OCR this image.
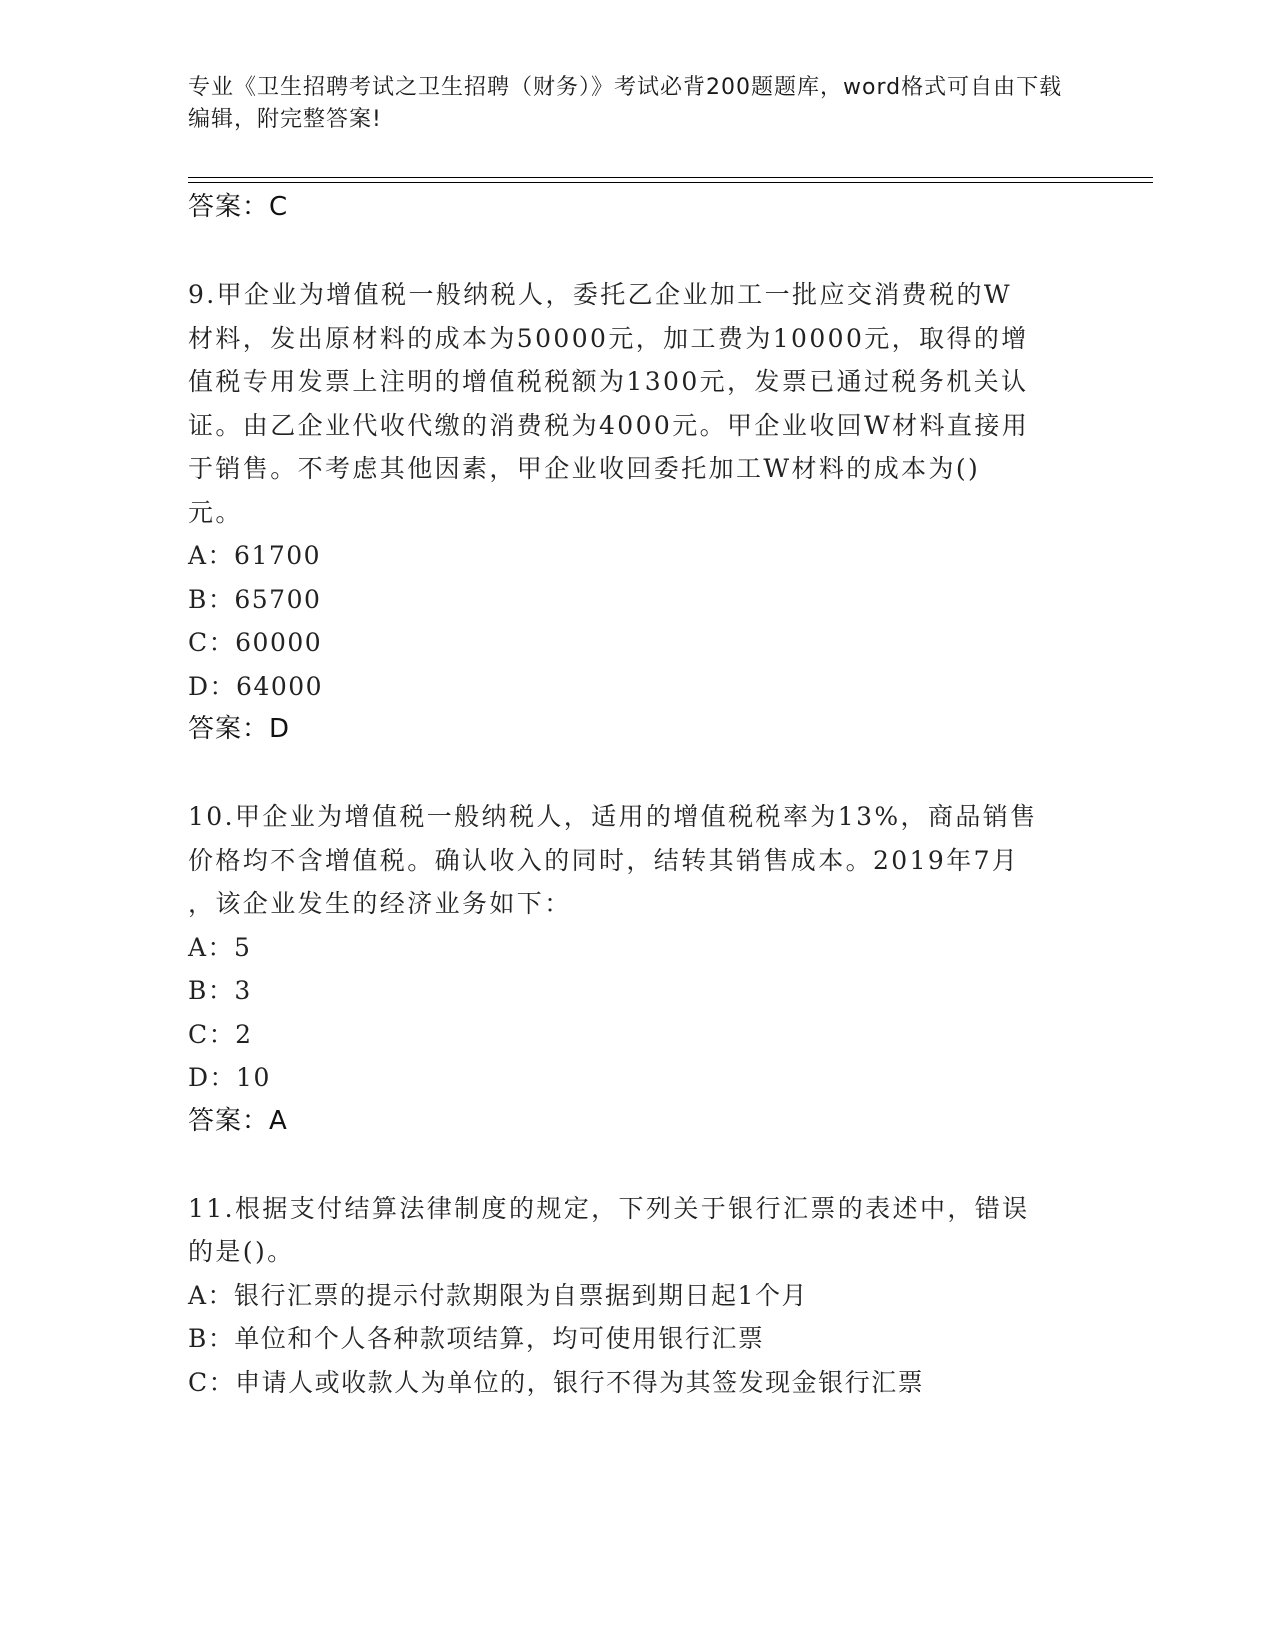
专业《卫生招聘考试之卫生招聘（财务）》考试必背200题题库，word格式可自由下载编辑，附完整答案!

答案：C

9.甲企业为增值税一般纳税人，委托乙企业加工一批应交消费税的W

材料，发出原材料的成本为50000元，加工费为10000元，取得的增

值税专用发票上注明的增值税税额为1300元，发票已通过税务机关认

证。由乙企业代收代缴的消费税为4000元。甲企业收回W材料直接用

于销售。不考虑其他因素，甲企业收回委托加工W材料的成本为()

元。

A：61700

B：65700

C：60000

D：64000

答案：D

10.甲企业为增值税一般纳税人，适用的增值税税率为13%，商品销售

价格均不含增值税。确认收入的同时，结转其销售成本。2019年7月

，该企业发生的经济业务如下：

A：5

B：3

C：2

D：10

答案：A

11.根据支付结算法律制度的规定，下列关于银行汇票的表述中，错误

的是()。

A：银行汇票的提示付款期限为自票据到期日起1个月

B：单位和个人各种款项结算，均可使用银行汇票

C：申请人或收款人为单位的，银行不得为其签发现金银行汇票
